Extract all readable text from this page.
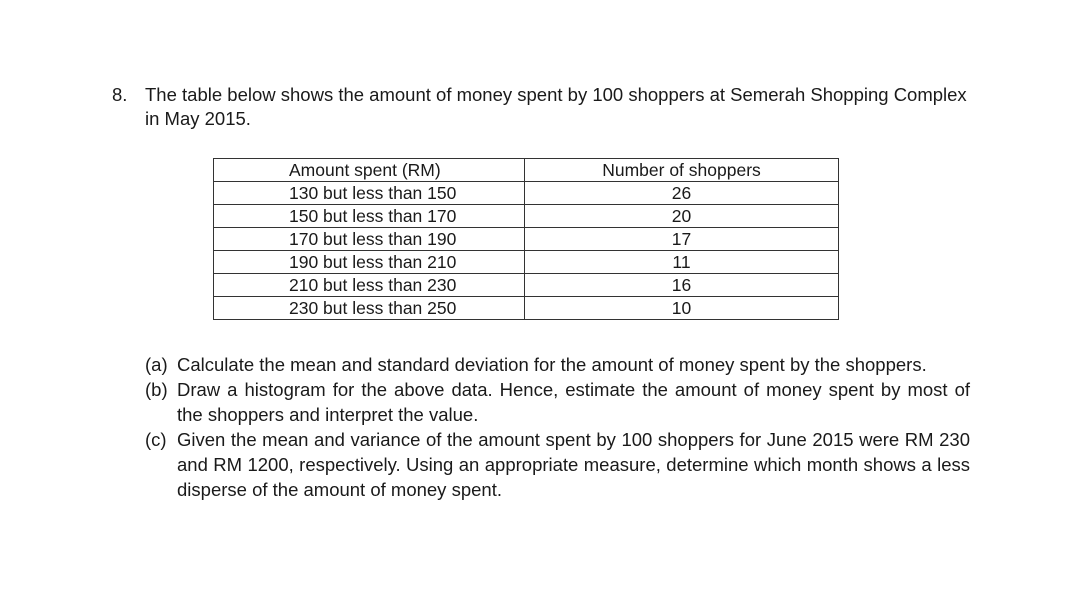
8. The table below shows the amount of money spent by 100 shoppers at Semerah Shopping Complex in May 2015.
Amount spent (RM)	Number of shoppers
130 but less than 150	26
150 but less than 170	20
170 but less than 190	17
190 but less than 210	11
210 but less than 230	16
230 but less than 250	10
(a) Calculate the mean and standard deviation for the amount of money spent by the shoppers.
(b) Draw a histogram for the above data. Hence, estimate the amount of money spent by most of the shoppers and interpret the value.
(c) Given the mean and variance of the amount spent by 100 shoppers for June 2015 were RM 230 and RM 1200, respectively. Using an appropriate measure, determine which month shows a less disperse of the amount of money spent.
